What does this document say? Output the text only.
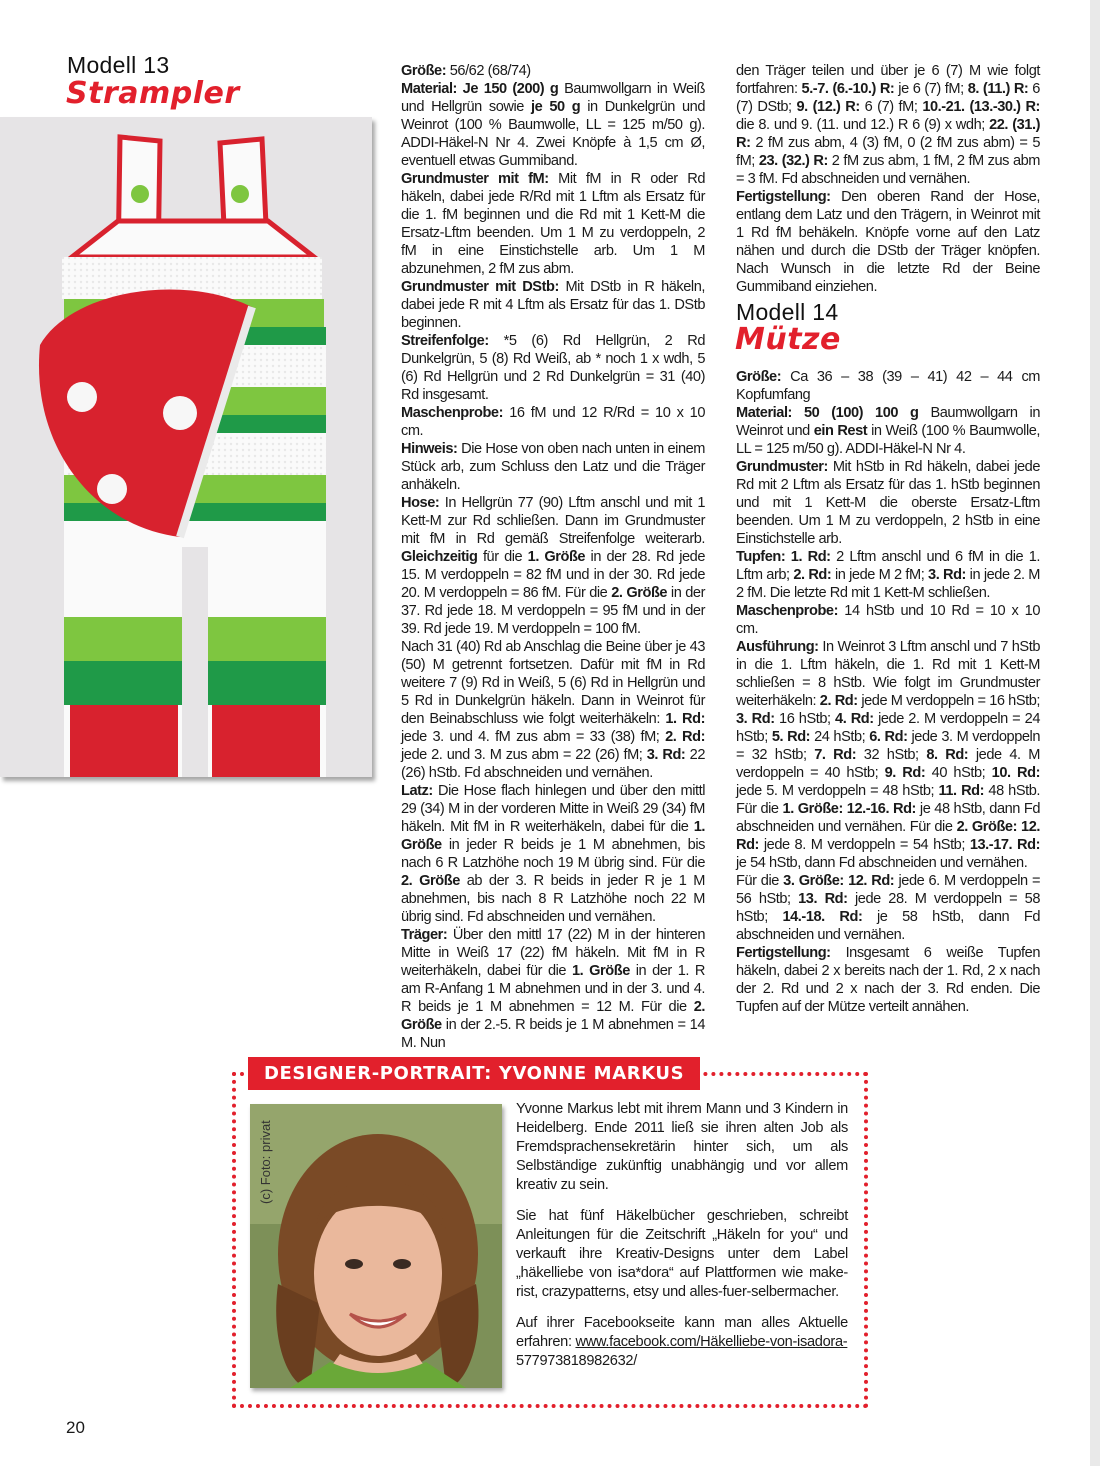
Modell 13
Strampler

Größe: 56/62 (68/74)

Material: Je 150 (200) g Baumwollgarn in Weiß und Hellgrün sowie je 50 g in Dunkelgrün und Weinrot (100 % Baumwolle, LL = 125 m/50 g). ADDI-Häkel-N Nr 4. Zwei Knöpfe à 1,5 cm Ø, eventuell etwas Gummiband.

Grundmuster mit fM: Mit fM in R oder Rd häkeln, dabei jede R/Rd mit 1 Lftm als Ersatz für die 1. fM beginnen und die Rd mit 1 Kett-M die Ersatz-Lftm beenden. Um 1 M zu verdoppeln, 2 fM in eine Einstichstelle arb. Um 1 M abzunehmen, 2 fM zus abm.

Grundmuster mit DStb: Mit DStb in R häkeln, dabei jede R mit 4 Lftm als Ersatz für das 1. DStb beginnen.

Streifenfolge: *5 (6) Rd Hellgrün, 2 Rd Dunkelgrün, 5 (8) Rd Weiß, ab * noch 1 x wdh, 5 (6) Rd Hellgrün und 2 Rd Dunkelgrün = 31 (40) Rd insgesamt.

Maschenprobe: 16 fM und 12 R/Rd = 10 x 10 cm.

Hinweis: Die Hose von oben nach unten in einem Stück arb, zum Schluss den Latz und die Träger anhäkeln.

Hose: In Hellgrün 77 (90) Lftm anschl und mit 1 Kett-M zur Rd schließen. Dann im Grundmuster mit fM in Rd gemäß Streifenfolge weiterarb. Gleichzeitig für die 1. Größe in der 28. Rd jede 15. M verdoppeln = 82 fM und in der 30. Rd jede 20. M verdoppeln = 86 fM. Für die 2. Größe in der 37. Rd jede 18. M verdoppeln = 95 fM und in der 39. Rd jede 19. M verdoppeln = 100 fM.

Nach 31 (40) Rd ab Anschlag die Beine über je 43 (50) M getrennt fortsetzen. Dafür mit fM in Rd weitere 7 (9) Rd in Weiß, 5 (6) Rd in Hellgrün und 5 Rd in Dunkelgrün häkeln. Dann in Weinrot für den Beinabschluss wie folgt weiterhäkeln: 1. Rd: jede 3. und 4. fM zus abm = 33 (38) fM; 2. Rd: jede 2. und 3. M zus abm = 22 (26) fM; 3. Rd: 22 (26) hStb. Fd abschneiden und vernähen.

Latz: Die Hose flach hinlegen und über den mittl 29 (34) M in der vorderen Mitte in Weiß 29 (34) fM häkeln. Mit fM in R weiterhäkeln, dabei für die 1. Größe in jeder R beids je 1 M abnehmen, bis nach 6 R Latzhöhe noch 19 M übrig sind. Für die 2. Größe ab der 3. R beids in jeder R je 1 M abnehmen, bis nach 8 R Latzhöhe noch 22 M übrig sind. Fd abschneiden und vernähen.

Träger: Über den mittl 17 (22) M in der hinteren Mitte in Weiß 17 (22) fM häkeln. Mit fM in R weiterhäkeln, dabei für die 1. Größe in der 1. R am R-Anfang 1 M abnehmen und in der 3. und 4. R beids je 1 M abnehmen = 12 M. Für die 2. Größe in der 2.-5. R beids je 1 M abnehmen = 14 M. Nun

den Träger teilen und über je 6 (7) M wie folgt fortfahren: 5.-7. (6.-10.) R: je 6 (7) fM; 8. (11.) R: 6 (7) DStb; 9. (12.) R: 6 (7) fM; 10.-21. (13.-30.) R: die 8. und 9. (11. und 12.) R 6 (9) x wdh; 22. (31.) R: 2 fM zus abm, 4 (3) fM, 0 (2 fM zus abm) = 5 fM; 23. (32.) R: 2 fM zus abm, 1 fM, 2 fM zus abm = 3 fM. Fd abschneiden und vernähen.

Fertigstellung: Den oberen Rand der Hose, entlang dem Latz und den Trägern, in Weinrot mit 1 Rd fM behäkeln. Knöpfe vorne auf den Latz nähen und durch die DStb der Träger knöpfen. Nach Wunsch in die letzte Rd der Beine Gummiband einziehen.

Modell 14
Mütze

Größe: Ca 36 – 38 (39 – 41) 42 – 44 cm Kopfumfang

Material: 50 (100) 100 g Baumwollgarn in Weinrot und ein Rest in Weiß (100 % Baumwolle, LL = 125 m/50 g). ADDI-Häkel-N Nr 4.

Grundmuster: Mit hStb in Rd häkeln, dabei jede Rd mit 2 Lftm als Ersatz für das 1. hStb beginnen und mit 1 Kett-M die oberste Ersatz-Lftm beenden. Um 1 M zu verdoppeln, 2 hStb in eine Einstichstelle arb.

Tupfen: 1. Rd: 2 Lftm anschl und 6 fM in die 1. Lftm arb; 2. Rd: in jede M 2 fM; 3. Rd: in jede 2. M 2 fM. Die letzte Rd mit 1 Kett-M schließen.

Maschenprobe: 14 hStb und 10 Rd = 10 x 10 cm.

Ausführung: In Weinrot 3 Lftm anschl und 7 hStb in die 1. Lftm häkeln, die 1. Rd mit 1 Kett-M schließen = 8 hStb. Wie folgt im Grundmuster weiterhäkeln: 2. Rd: jede M verdoppeln = 16 hStb; 3. Rd: 16 hStb; 4. Rd: jede 2. M verdoppeln = 24 hStb; 5. Rd: 24 hStb; 6. Rd: jede 3. M verdoppeln = 32 hStb; 7. Rd: 32 hStb; 8. Rd: jede 4. M verdoppeln = 40 hStb; 9. Rd: 40 hStb; 10. Rd: jede 5. M verdoppeln = 48 hStb; 11. Rd: 48 hStb. Für die 1. Größe: 12.-16. Rd: je 48 hStb, dann Fd abschneiden und vernähen. Für die 2. Größe: 12. Rd: jede 8. M verdoppeln = 54 hStb; 13.-17. Rd: je 54 hStb, dann Fd abschneiden und vernähen.

Für die 3. Größe: 12. Rd: jede 6. M verdoppeln = 56 hStb; 13. Rd: jede 28. M verdoppeln = 58 hStb; 14.-18. Rd: je 58 hStb, dann Fd abschneiden und vernähen.

Fertigstellung: Insgesamt 6 weiße Tupfen häkeln, dabei 2 x bereits nach der 1. Rd, 2 x nach der 2. Rd und 2 x nach der 3. Rd enden. Die Tupfen auf der Mütze verteilt annähen.

DESIGNER-PORTRAIT: YVONNE MARKUS
(c) Foto: privat

Yvonne Markus lebt mit ihrem Mann und 3 Kindern in Heidelberg. Ende 2011 ließ sie ihren alten Job als Fremdsprachensekretärin hinter sich, um als Selbständige zukünftig unabhängig und vor allem kreativ zu sein.

Sie hat fünf Häkelbücher geschrieben, schreibt Anleitungen für die Zeitschrift „Häkeln for you“ und verkauft ihre Kreativ-Designs unter dem Label „häkelliebe von isa*dora“ auf Plattformen wie make-rist, crazypatterns, etsy und alles-fuer-selbermacher.

Auf ihrer Facebookseite kann man alles Aktuelle erfahren: www.facebook.com/Häkelliebe-von-isadora-
577973818982632/

20
